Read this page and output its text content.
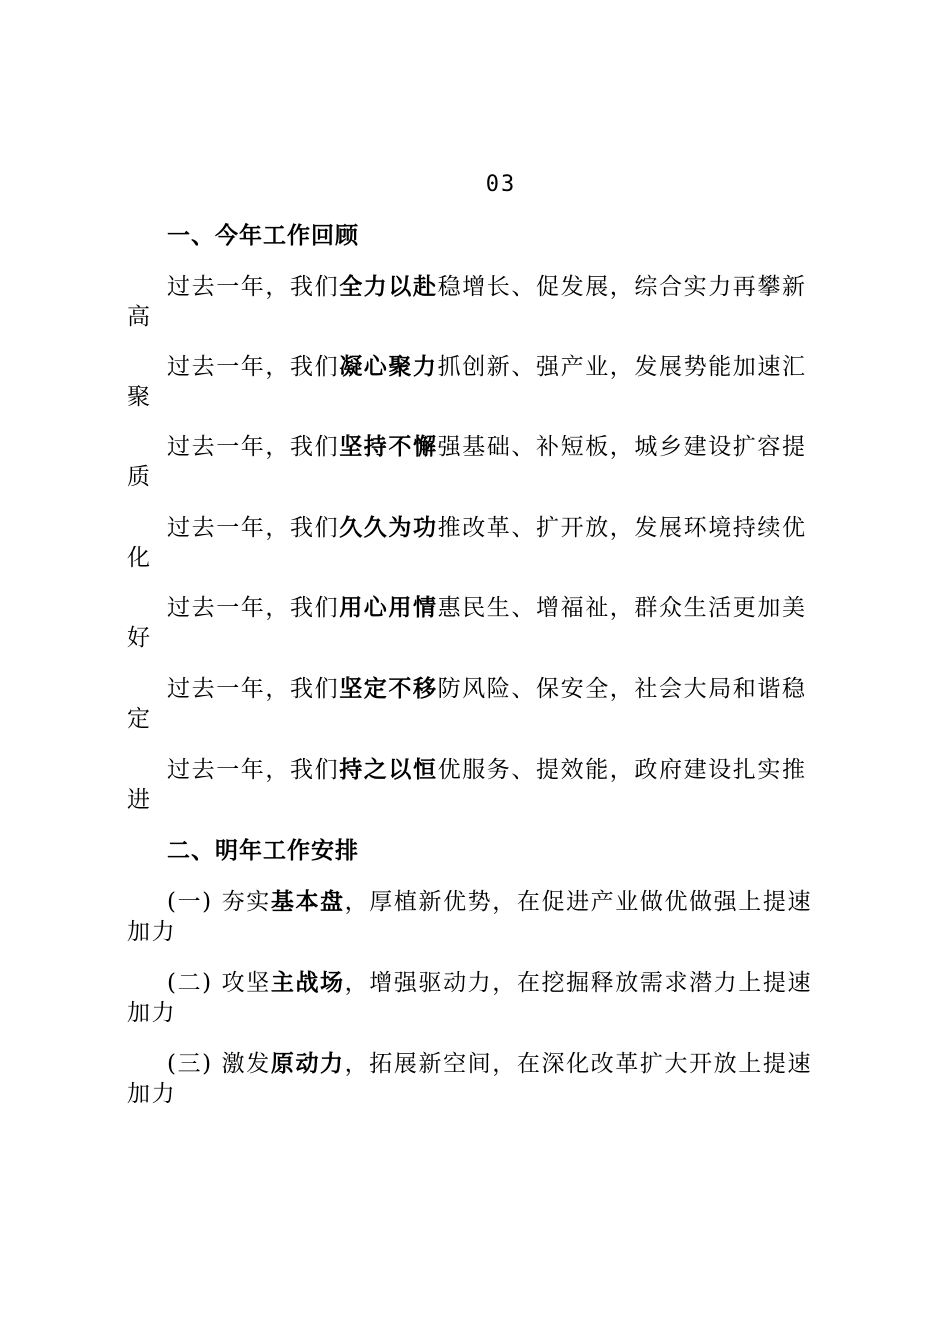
03
一、今年工作回顾
过去一年，我们全力以赴稳增长、促发展，综合实力再攀新
高
过去一年，我们凝心聚力抓创新、强产业，发展势能加速汇
聚
过去一年，我们坚持不懈强基础、补短板，城乡建设扩容提
质
过去一年，我们久久为功推改革、扩开放，发展环境持续优
化
过去一年，我们用心用情惠民生、增福祉，群众生活更加美
好
过去一年，我们坚定不移防风险、保安全，社会大局和谐稳
定
过去一年，我们持之以恒优服务、提效能，政府建设扎实推
进
二、明年工作安排
(一) 夯实基本盘，厚植新优势，在促进产业做优做强上提速
加力
(二) 攻坚主战场，增强驱动力，在挖掘释放需求潜力上提速
加力
(三) 激发原动力，拓展新空间，在深化改革扩大开放上提速
加力
